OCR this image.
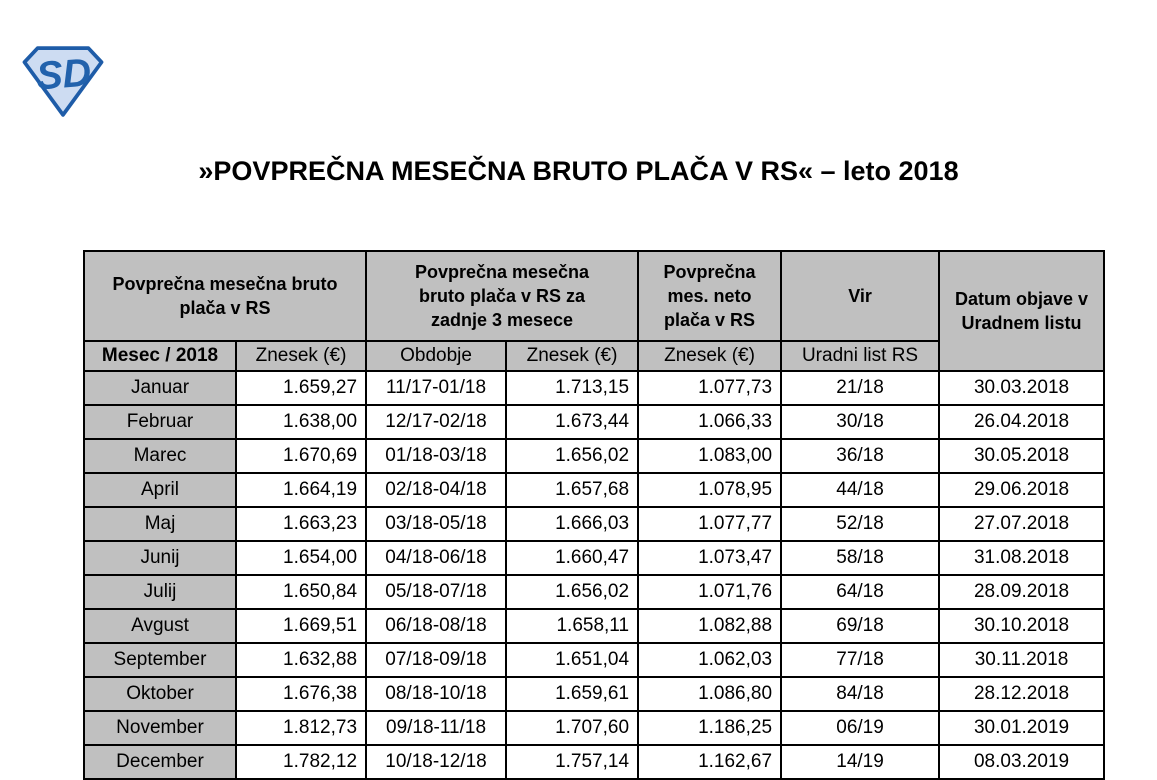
SD
»POVPREČNA MESEČNA BRUTO PLAČA V RS« – leto 2018
Povprečna mesečna bruto plača v RS		Povprečna mesečna bruto plača v RS za zadnje 3 mesece		Povprečna mes. neto plača v RS	Vir	Datum objave v Uradnem listu
Mesec / 2018	Znesek (€)	Obdobje	Znesek (€)	Znesek (€)	Uradni list RS	
Januar	1.659,27	11/17-01/18	1.713,15	1.077,73	21/18	30.03.2018
Februar	1.638,00	12/17-02/18	1.673,44	1.066,33	30/18	26.04.2018
Marec	1.670,69	01/18-03/18	1.656,02	1.083,00	36/18	30.05.2018
April	1.664,19	02/18-04/18	1.657,68	1.078,95	44/18	29.06.2018
Maj	1.663,23	03/18-05/18	1.666,03	1.077,77	52/18	27.07.2018
Junij	1.654,00	04/18-06/18	1.660,47	1.073,47	58/18	31.08.2018
Julij	1.650,84	05/18-07/18	1.656,02	1.071,76	64/18	28.09.2018
Avgust	1.669,51	06/18-08/18	1.658,11	1.082,88	69/18	30.10.2018
September	1.632,88	07/18-09/18	1.651,04	1.062,03	77/18	30.11.2018
Oktober	1.676,38	08/18-10/18	1.659,61	1.086,80	84/18	28.12.2018
November	1.812,73	09/18-11/18	1.707,60	1.186,25	06/19	30.01.2019
December	1.782,12	10/18-12/18	1.757,14	1.162,67	14/19	08.03.2019
